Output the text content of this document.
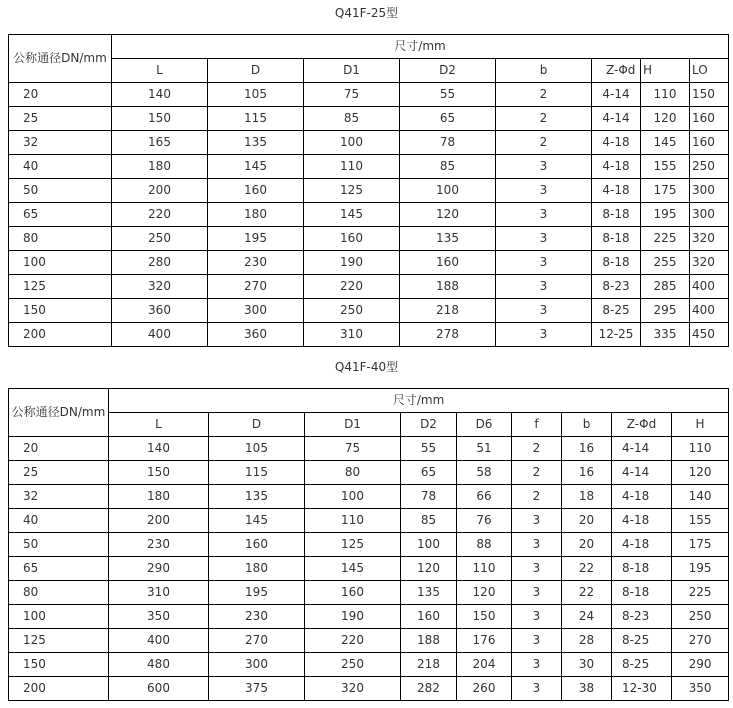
Q41F-25型
公称通径DN/mm	尺寸/mm							
	L	D	D1	D2	b	Z-Φd	H	LO
20	140	105	75	55	2	4-14	110	150
25	150	115	85	65	2	4-14	120	160
32	165	135	100	78	2	4-18	145	160
40	180	145	110	85	3	4-18	155	250
50	200	160	125	100	3	4-18	175	300
65	220	180	145	120	3	8-18	195	300
80	250	195	160	135	3	8-18	225	320
100	280	230	190	160	3	8-18	255	320
125	320	270	220	188	3	8-23	285	400
150	360	300	250	218	3	8-25	295	400
200	400	360	310	278	3	12-25	335	450
Q41F-40型
公称通径DN/mm	尺寸/mm								
	L	D	D1	D2	D6	f	b	Z-Φd	H
20	140	105	75	55	51	2	16	4-14	110
25	150	115	80	65	58	2	16	4-14	120
32	180	135	100	78	66	2	18	4-18	140
40	200	145	110	85	76	3	20	4-18	155
50	230	160	125	100	88	3	20	4-18	175
65	290	180	145	120	110	3	22	8-18	195
80	310	195	160	135	120	3	22	8-18	225
100	350	230	190	160	150	3	24	8-23	250
125	400	270	220	188	176	3	28	8-25	270
150	480	300	250	218	204	3	30	8-25	290
200	600	375	320	282	260	3	38	12-30	350
